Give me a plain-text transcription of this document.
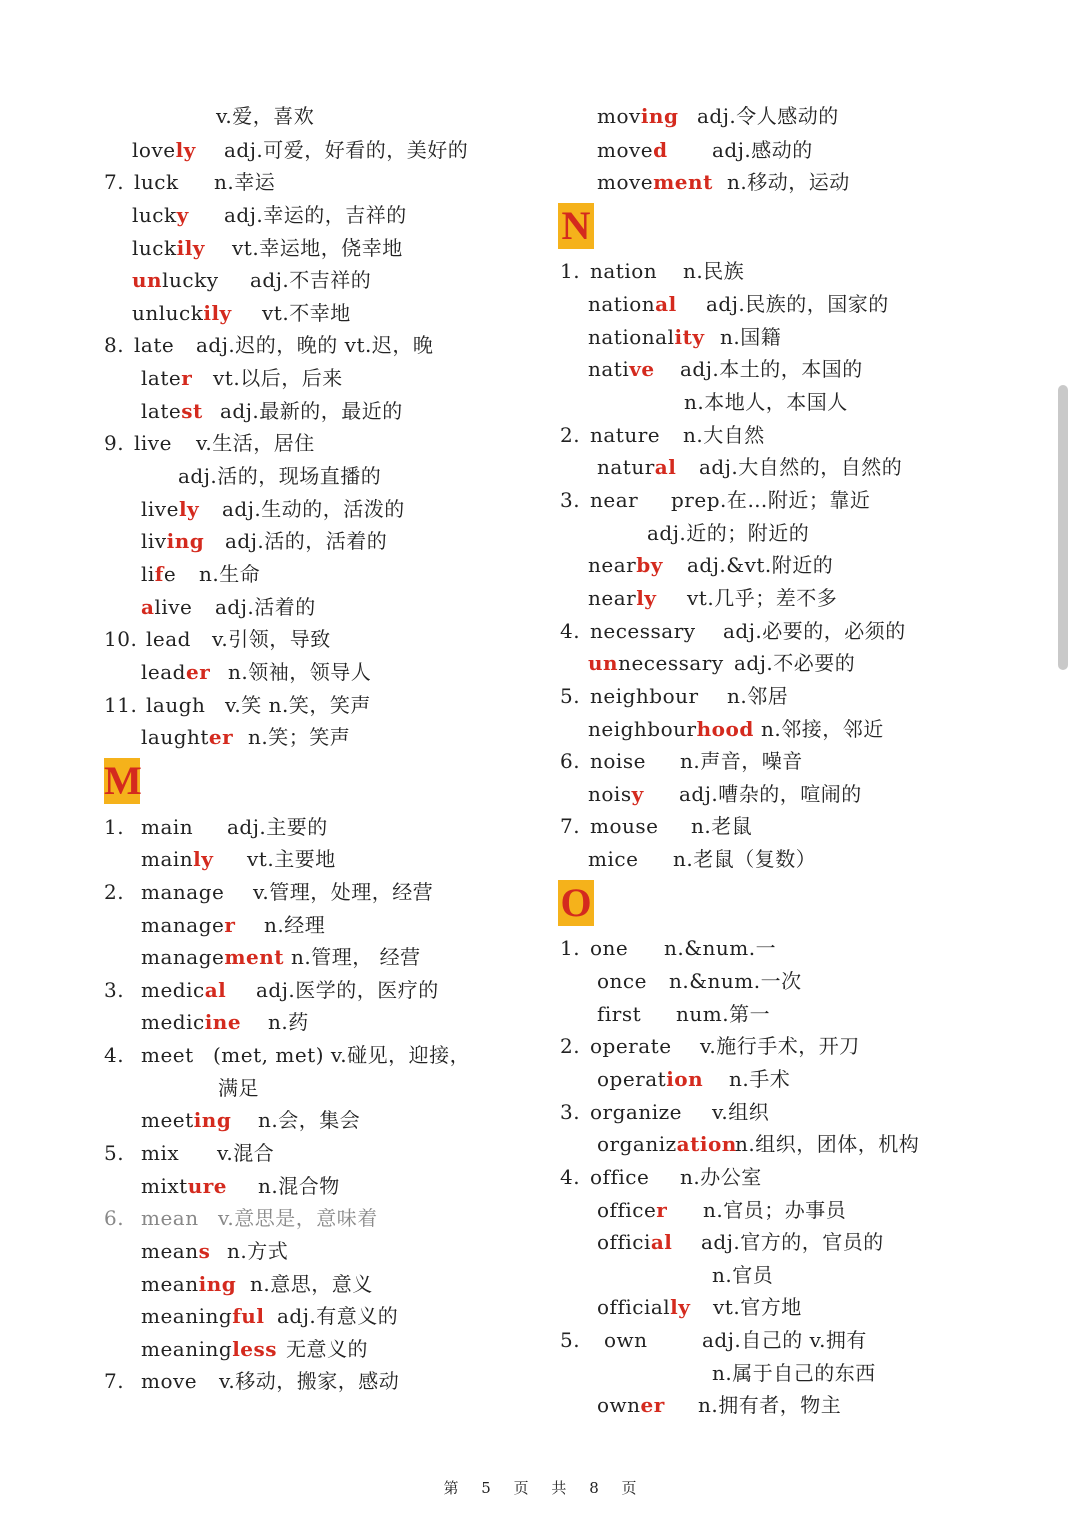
v.爱，喜欢
lovely adj.可爱，好看的，美好的
7. luck n.幸运
lucky adj.幸运的，吉祥的
luckily vt.幸运地，侥幸地
unlucky adj.不吉祥的
unluckily vt.不幸地
8. late adj.迟的，晚的 vt.迟，晚
later vt.以后，后来
latest adj.最新的，最近的
9. live v.生活，居住
adj.活的，现场直播的
lively adj.生动的，活泼的
living adj.活的，活着的
life n.生命
alive adj.活着的
10. lead v.引领，导致
leader n.领袖，领导人
11. laugh v.笑 n.笑，笑声
laughter n.笑；笑声
1. main adj.主要的
mainly vt.主要地
2. manage v.管理，处理，经营
manager n.经理
management n.管理， 经营
3. medical adj.医学的，医疗的
medicine n.药
4. meet (met, met) v.碰见，迎接，
满足
meeting n.会，集会
5. mix v.混合
mixture n.混合物
6. mean v.意思是，意味着
means n.方式
meaning n.意思，意义
meaningful adj.有意义的
meaningless 无意义的
7. move v.移动，搬家，感动
moving adj.令人感动的
moved adj.感动的
movement n.移动，运动
1. nation n.民族
national adj.民族的，国家的
nationality n.国籍
native adj.本土的，本国的
n.本地人，本国人
2. nature n.大自然
natural adj.大自然的，自然的
3. near prep.在…附近；靠近
adj.近的；附近的
nearby adj.&vt.附近的
nearly vt.几乎；差不多
4. necessary adj.必要的，必须的
unnecessary adj.不必要的
5. neighbour n.邻居
neighbourhood n.邻接，邻近
6. noise n.声音，噪音
noisy adj.嘈杂的，喧闹的
7. mouse n.老鼠
mice n.老鼠（复数）
1. one n.&num.一
once n.&num.一次
first num.第一
2. operate v.施行手术，开刀
operation n.手术
3. organize v.组织
organization
n.组织，团体，机构
4. office n.办公室
officer n.官员；办事员
official adj.官方的，官员的
n.官员
officially vt.官方地
5.	own	adj.自己的 v.拥有
n.属于自己的东西
owner n.拥有者，物主
M
N
O
第 5 页 共 8 页
